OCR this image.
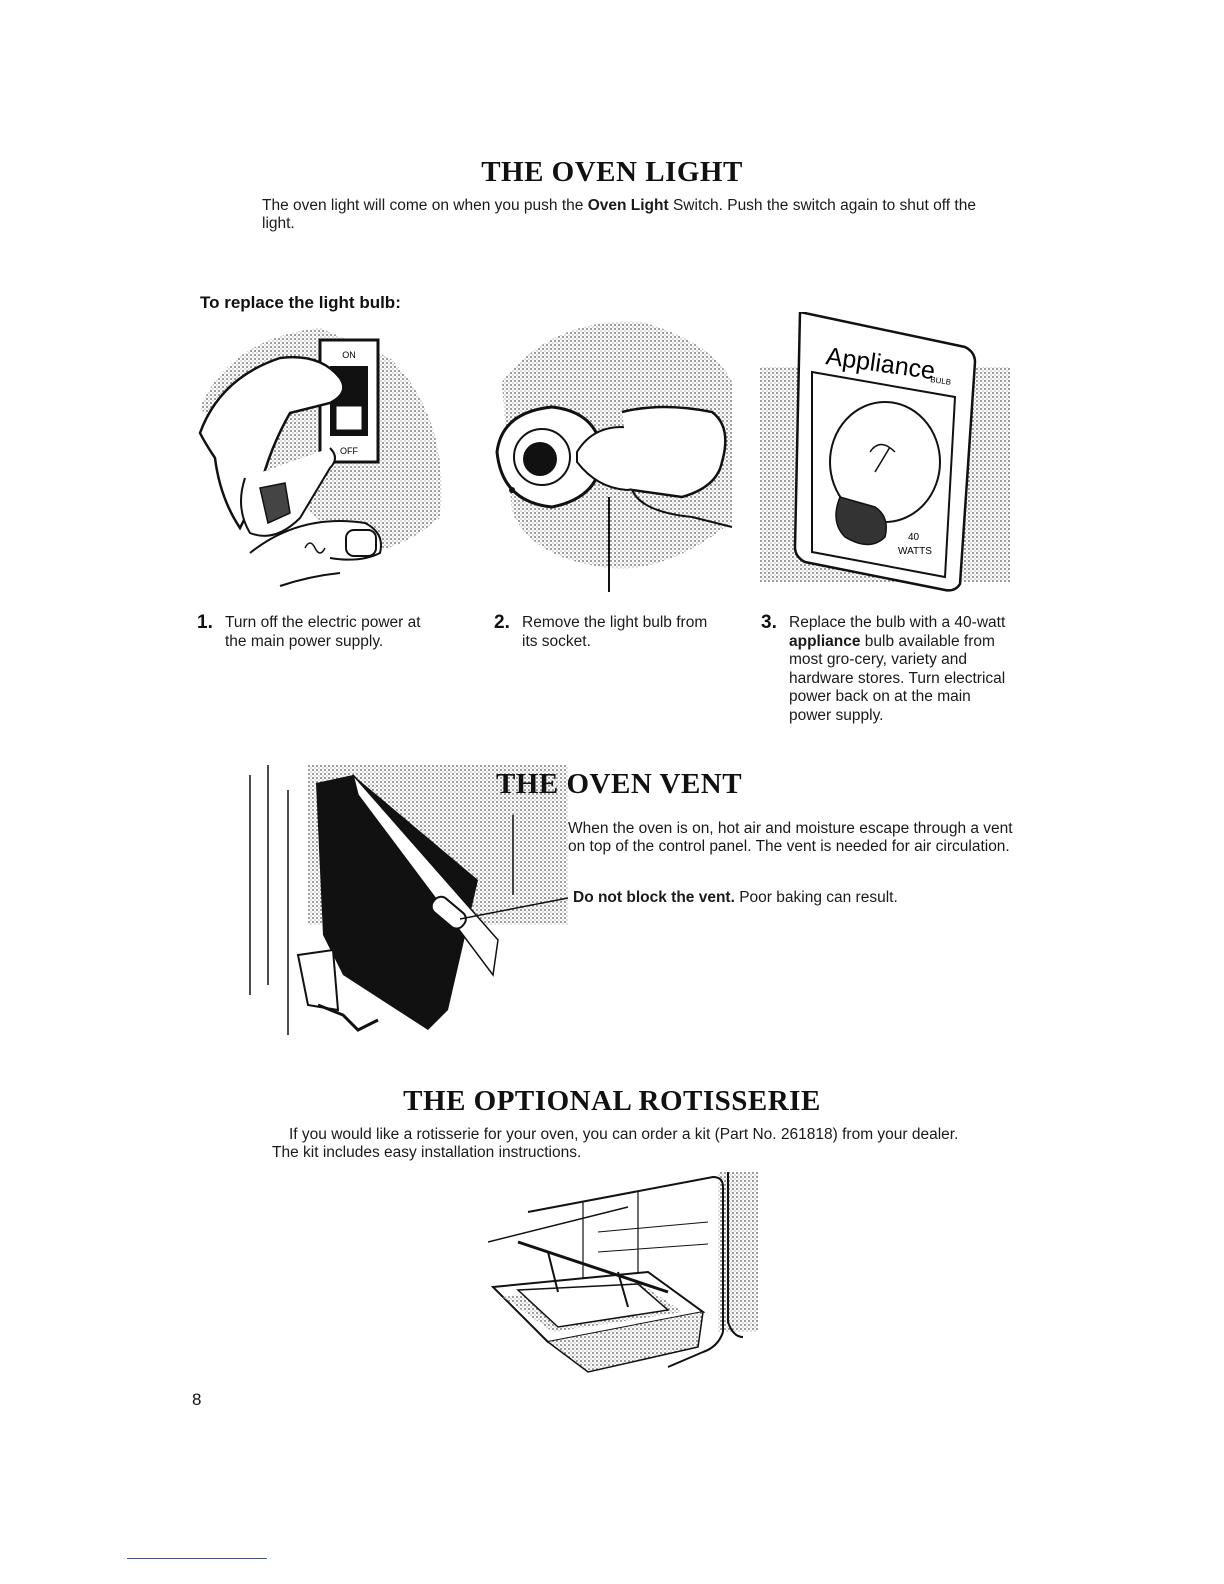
THE OVEN LIGHT
The oven light will come on when you push the Oven Light Switch. Push the switch again to shut off the light.
To replace the light bulb:
ON
OFF
Appliance
BULB
40
WATTS
1. Turn off the electric power at the main power supply.
2. Remove the light bulb from its socket.
3. Replace the bulb with a 40-watt appliance bulb available from most gro-cery, variety and hardware stores. Turn electrical power back on at the main power supply.
THE OVEN VENT
When the oven is on, hot air and moisture escape through a vent on top of the control panel. The vent is needed for air circulation.
Do not block the vent. Poor baking can result.
THE OPTIONAL ROTISSERIE
If you would like a rotisserie for your oven, you can order a kit (Part No. 261818) from your dealer. The kit includes easy installation instructions.
8
